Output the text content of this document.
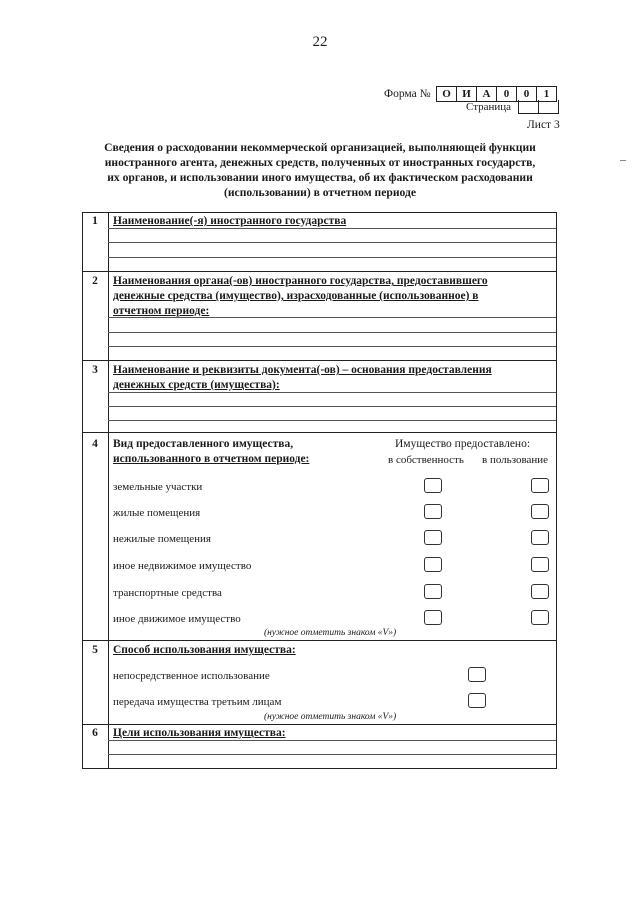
22
Форма №	О	И	А	0	0	1
Страница
Лист 3
Сведения о расходовании некоммерческой организацией, выполняющей функции
иностранного агента, денежных средств, полученных от иностранных государств,
их органов, и использовании иного имущества, об их фактическом расходовании
(использовании) в отчетном периоде
1	Наименование(-я) иностранного государства
2	Наименования органа(-ов) иностранного государства, предоставившего
денежные средства (имущество), израсходованные (использованное) в
отчетном периоде:
3	Наименование и реквизиты документа(-ов) – основания предоставления
денежных средств (имущества):
4	Вид предоставленного имущества,
использованного в отчетном периоде:
Имущество предоставлено:
в собственность в пользование
земельные участки
жилые помещения
нежилые помещения
иное недвижимое имущество
транспортные средства
иное движимое имущество
(нужное отметить знаком «V»)
5	Способ использования имущества:
непосредственное использование
передача имущества третьим лицам
(нужное отметить знаком «V»)
6	Цели использования имущества:
